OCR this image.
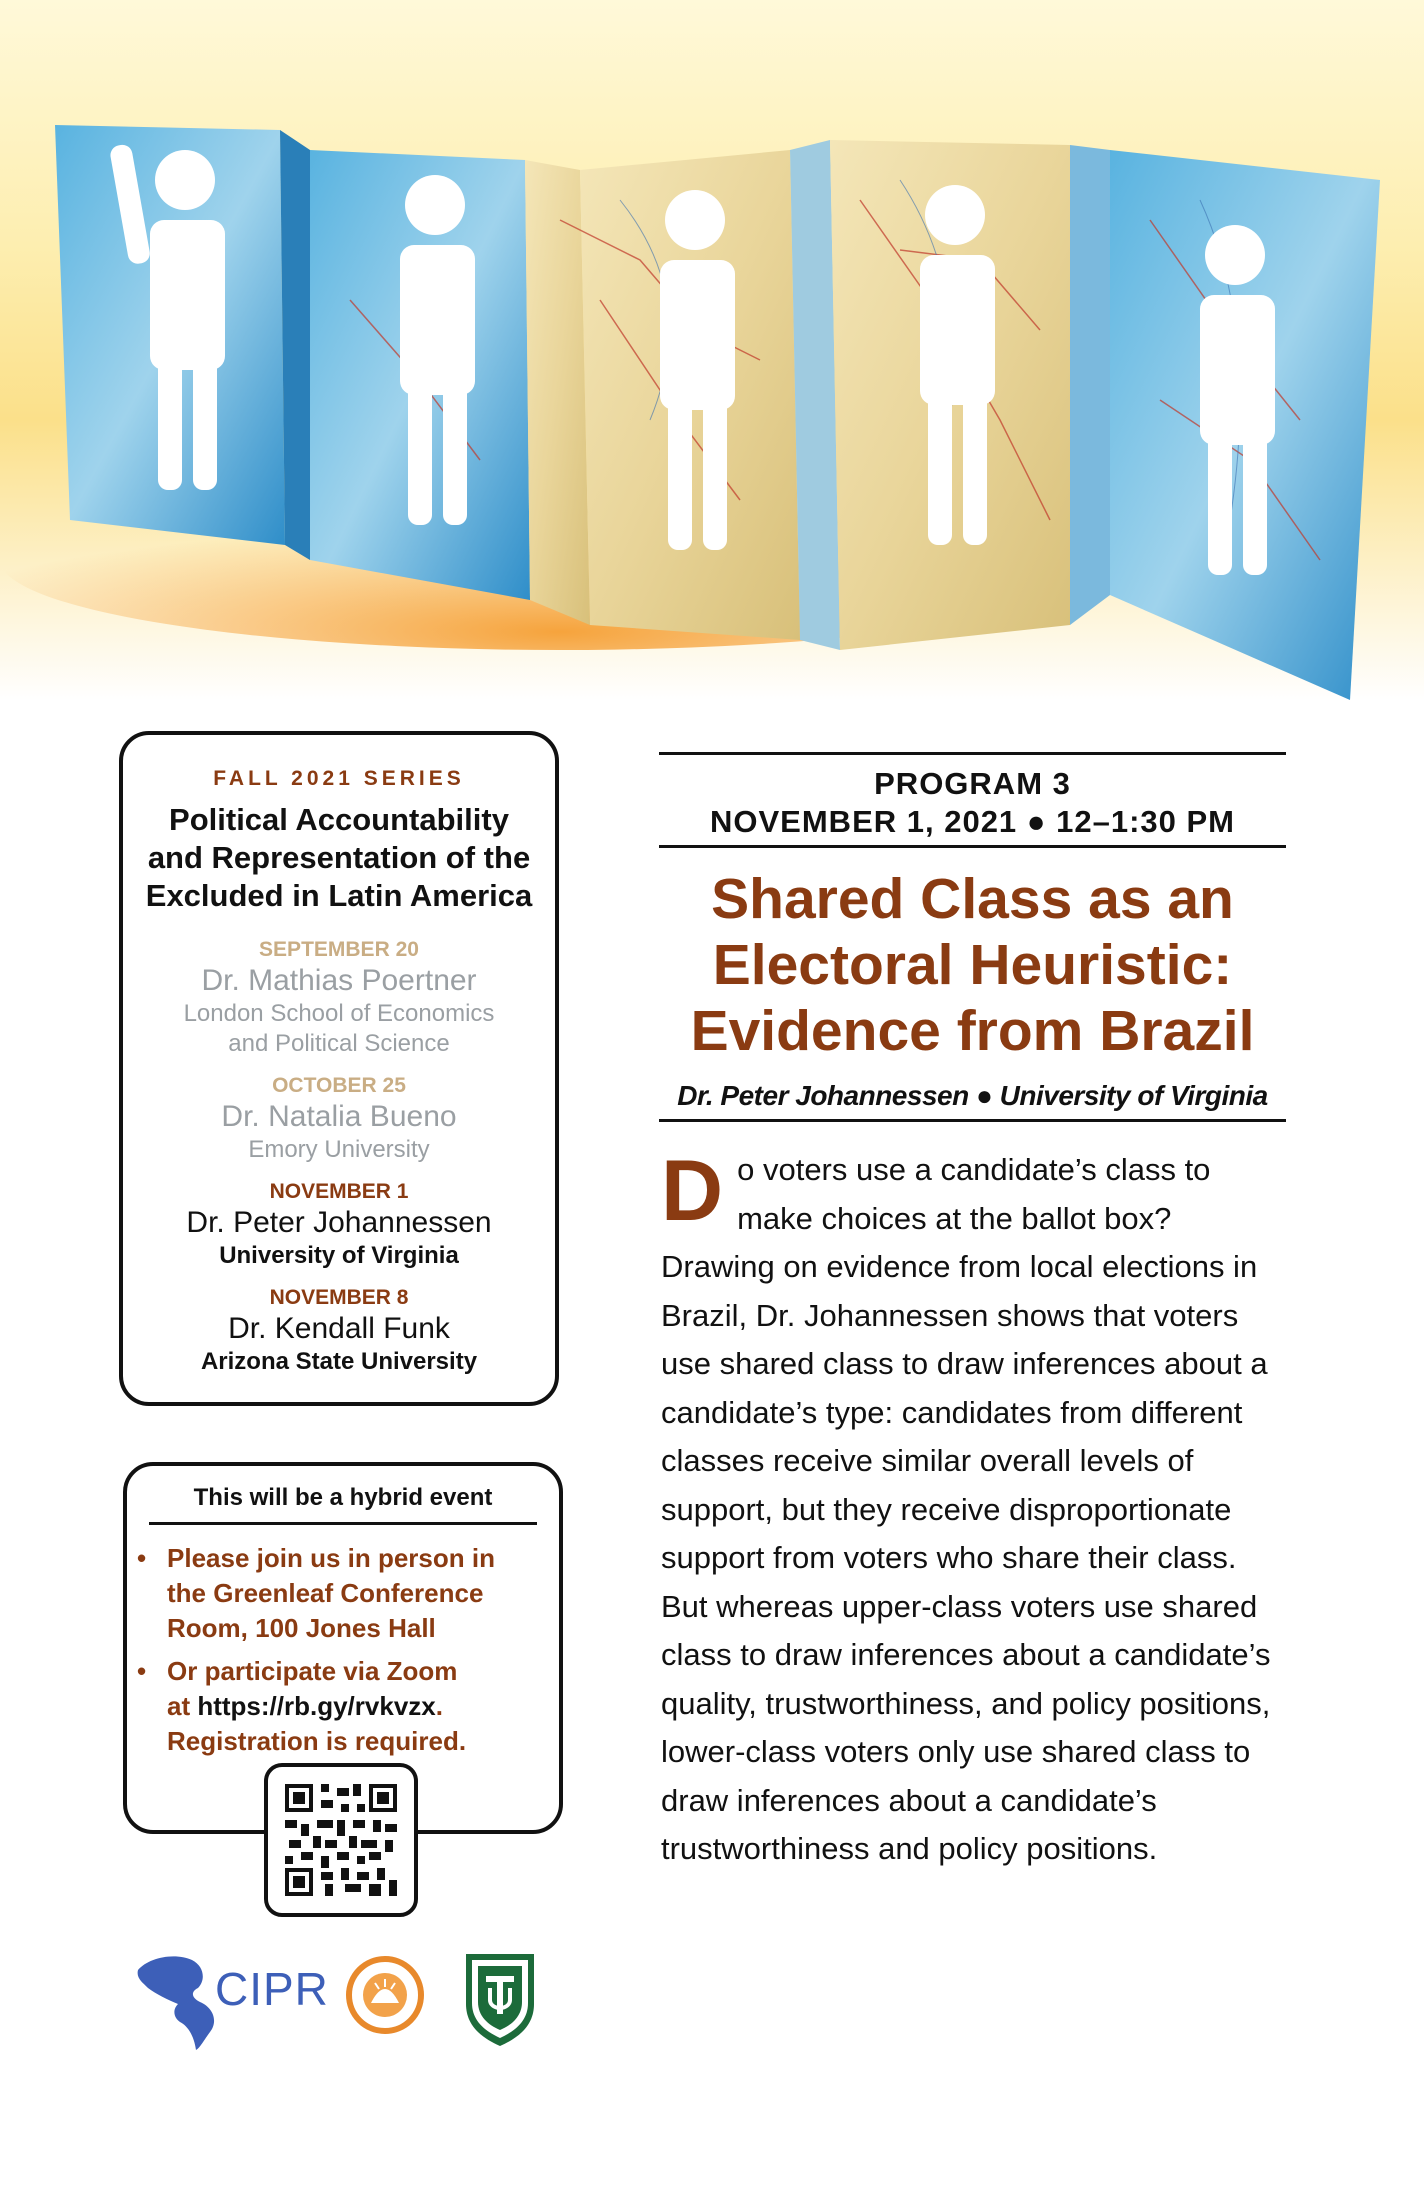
FALL 2021 SERIES
Political Accountability
and Representation of the
Excluded in Latin America
SEPTEMBER 20
Dr. Mathias Poertner
London School of Economics
and Political Science
OCTOBER 25
Dr. Natalia Bueno
Emory University
NOVEMBER 1
Dr. Peter Johannessen
University of Virginia
NOVEMBER 8
Dr. Kendall Funk
Arizona State University
This will be a hybrid event
• Please join us in person in
the Greenleaf Conference
Room, 100 Jones Hall
• Or participate via Zoom
at https://rb.gy/rvkvzx.
Registration is required.
CIPR
PROGRAM 3
NOVEMBER 1, 2021 ● 12–1:30 PM
Shared Class as an
Electoral Heuristic:
Evidence from Brazil
Dr. Peter Johannessen ● University of Virginia
Do voters use a candidate’s class to make choices at the ballot box? Drawing on evidence from local elections in Brazil, Dr. Johannessen shows that voters use shared class to draw inferences about a candidate’s type: candidates from different classes receive similar overall levels of support, but they receive disproportionate support from voters who share their class. But whereas upper-class voters use shared class to draw inferences about a candidate’s quality, trustworthiness, and policy positions, lower-class voters only use shared class to draw inferences about a candidate’s trustworthiness and policy positions.
